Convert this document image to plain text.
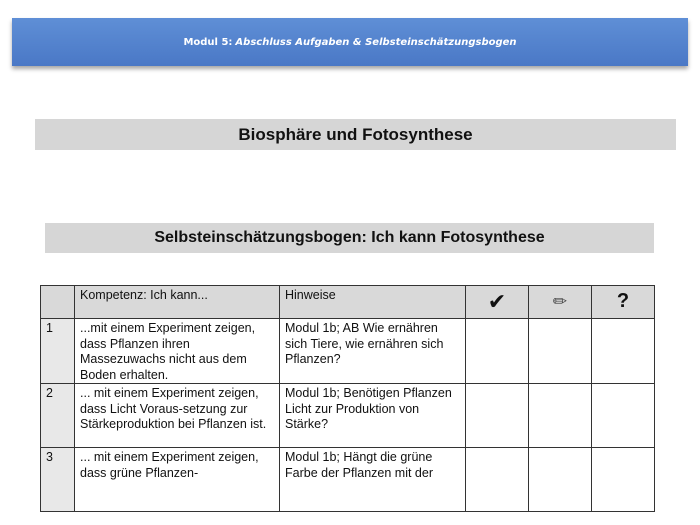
Modul 5: Abschluss Aufgaben & Selbsteinschätzungsbogen
Biosphäre und Fotosynthese
Selbsteinschätzungsbogen: Ich kann Fotosynthese

	Kompetenz: Ich kann...	Hinweise	✔	✏	?

1	...mit einem Experiment zeigen, dass Pflanzen ihren Massezuwachs nicht aus dem Boden erhalten.	Modul 1b; AB Wie ernähren sich Tiere, wie ernähren sich Pflanzen?			

2	... mit einem Experiment zeigen, dass Licht Voraus-setzung zur Stärkeproduktion bei Pflanzen ist.	Modul 1b; Benötigen Pflanzen Licht zur Produktion von Stärke?			

3	... mit einem Experiment zeigen, dass grüne Pflanzen-	Modul 1b; Hängt die grüne Farbe der Pflanzen mit der			
